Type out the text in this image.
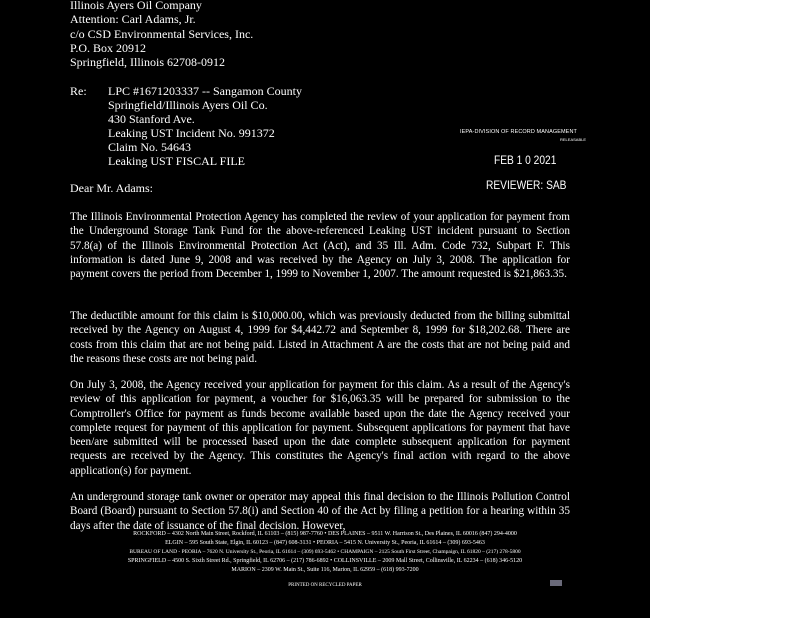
Illinois Ayers Oil Company
Attention: Carl Adams, Jr.
c/o CSD Environmental Services, Inc.
P.O. Box 20912
Springfield, Illinois 62708-0912
Re: LPC #1671203337 -- Sangamon County
Springfield/Illinois Ayers Oil Co.
430 Stanford Ave.
Leaking UST Incident No. 991372
Claim No. 54643
Leaking UST FISCAL FILE
IEPA-DIVISION OF RECORD MANAGEMENT
RELEASABLE
FEB 1 0 2021
REVIEWER: SAB
Dear Mr. Adams:
The Illinois Environmental Protection Agency has completed the review of your application for payment from the Underground Storage Tank Fund for the above-referenced Leaking UST incident pursuant to Section 57.8(a) of the Illinois Environmental Protection Act (Act), and 35 Ill. Adm. Code 732, Subpart F. This information is dated June 9, 2008 and was received by the Agency on July 3, 2008. The application for payment covers the period from December 1, 1999 to November 1, 2007. The amount requested is $21,863.35.
The deductible amount for this claim is $10,000.00, which was previously deducted from the billing submittal received by the Agency on August 4, 1999 for $4,442.72 and September 8, 1999 for $18,202.68. There are costs from this claim that are not being paid. Listed in Attachment A are the costs that are not being paid and the reasons these costs are not being paid.
On July 3, 2008, the Agency received your application for payment for this claim. As a result of the Agency's review of this application for payment, a voucher for $16,063.35 will be prepared for submission to the Comptroller's Office for payment as funds become available based upon the date the Agency received your complete request for payment of this application for payment. Subsequent applications for payment that have been/are submitted will be processed based upon the date complete subsequent application for payment requests are received by the Agency. This constitutes the Agency's final action with regard to the above application(s) for payment.
An underground storage tank owner or operator may appeal this final decision to the Illinois Pollution Control Board (Board) pursuant to Section 57.8(i) and Section 40 of the Act by filing a petition for a hearing within 35 days after the date of issuance of the final decision. However,
ROCKFORD – 4302 North Main Street, Rockford, IL 61103 – (815) 987-7760 • DES PLAINES – 9511 W. Harrison St., Des Plaines, IL 60016 (847) 294-4000
ELGIN – 595 South State, Elgin, IL 60123 – (847) 608-3131 • PEORIA – 5415 N. University St., Peoria, IL 61614 – (309) 693-5463
BUREAU OF LAND - PEORIA – 7620 N. University St., Peoria, IL 61614 – (309) 693-5462 • CHAMPAIGN – 2125 South First Street, Champaign, IL 61820 – (217) 278-5800
SPRINGFIELD – 4500 S. Sixth Street Rd., Springfield, IL 62706 – (217) 786-6892 • COLLINSVILLE – 2009 Mall Street, Collinsville, IL 62234 – (618) 346-5120
MARION – 2309 W. Main St., Suite 116, Marion, IL 62959 – (618) 993-7200
PRINTED ON RECYCLED PAPER
